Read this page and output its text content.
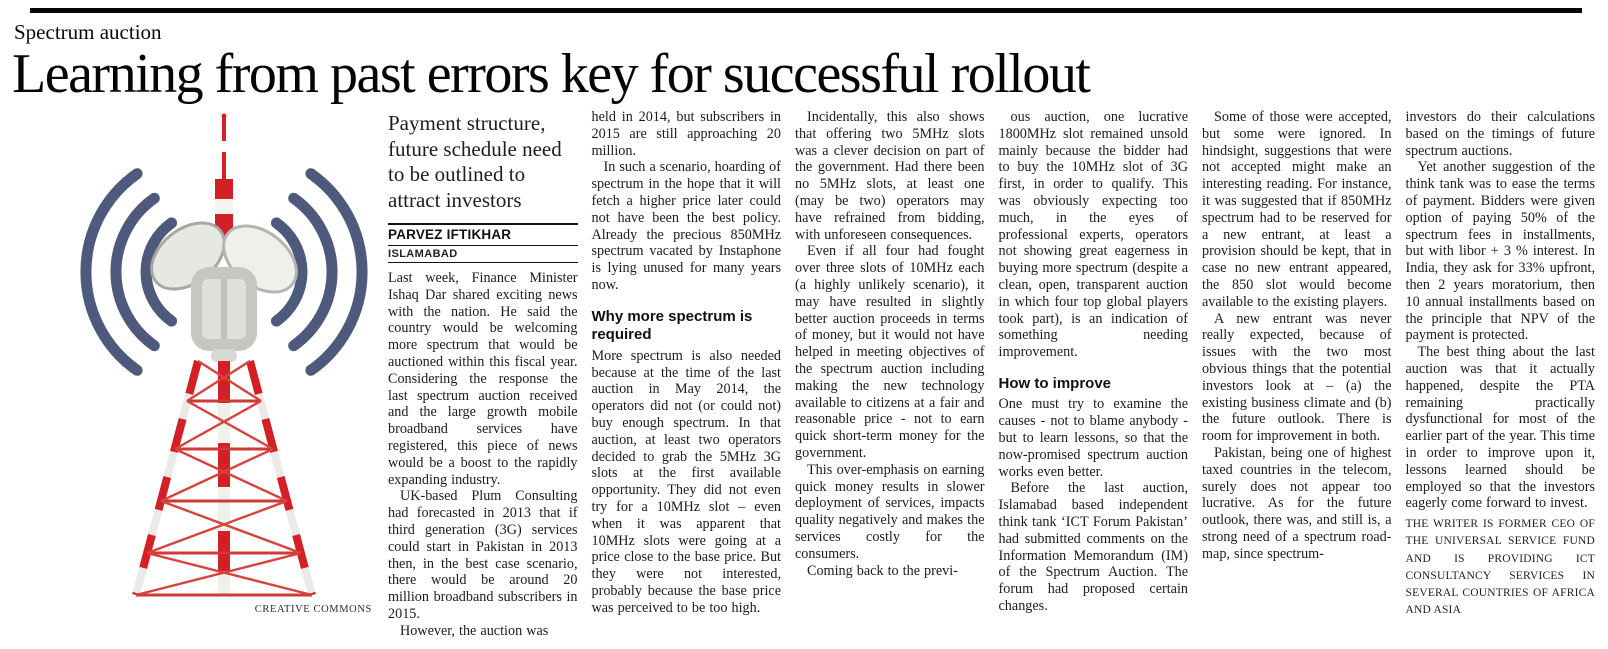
Spectrum auction
Learning from past errors key for successful rollout
CREATIVE COMMONS
Payment structure, future schedule need to be outlined to attract investors
PARVEZ IFTIKHAR
ISLAMABAD

Last week, Finance Minister Ishaq Dar shared exciting news with the nation. He said the country would be welcoming more spectrum that would be auctioned within this fiscal year. Considering the response the last spectrum auction received and the large growth mobile broadband services have registered, this piece of news would be a boost to the rapidly expanding industry.

UK-based Plum Consulting had forecasted in 2013 that if third generation (3G) services could start in Pakistan in 2013 then, in the best case scenario, there would be around 20 million broadband subscribers in 2015.

However, the auction was

held in 2014, but subscribers in 2015 are still approaching 20 million.

In such a scenario, hoarding of spectrum in the hope that it will fetch a higher price later could not have been the best policy. Already the precious 850MHz spectrum vacated by Instaphone is lying unused for many years now.

Why more spectrum is required

More spectrum is also needed because at the time of the last auction in May 2014, the operators did not (or could not) buy enough spectrum. In that auction, at least two operators decided to grab the 5MHz 3G slots at the first available opportunity. They did not even try for a 10MHz slot – even when it was apparent that 10MHz slots were going at a price close to the base price. But they were not interested, probably because the base price was perceived to be too high.

Incidentally, this also shows that offering two 5MHz slots was a clever decision on part of the government. Had there been no 5MHz slots, at least one (may be two) operators may have refrained from bidding, with unforeseen consequences.

Even if all four had fought over three slots of 10MHz each (a highly unlikely scenario), it may have resulted in slightly better auction proceeds in terms of money, but it would not have helped in meeting objectives of the spectrum auction including making the new technology available to citizens at a fair and reasonable price - not to earn quick short-term money for the government.

This over-emphasis on earning quick money results in slower deployment of services, impacts quality negatively and makes the services costly for the consumers.

Coming back to the previ-

ous auction, one lucrative 1800MHz slot remained unsold mainly because the bidder had to buy the 10MHz slot of 3G first, in order to qualify. This was obviously expecting too much, in the eyes of professional experts, operators not showing great eagerness in buying more spectrum (despite a clean, open, transparent auction in which four top global players took part), is an indication of something needing improvement.

How to improve

One must try to examine the causes - not to blame anybody - but to learn lessons, so that the now-promised spectrum auction works even better.

Before the last auction, Islamabad based independent think tank ‘ICT Forum Pakistan’ had submitted comments on the Information Memorandum (IM) of the Spectrum Auction. The forum had proposed certain changes.

Some of those were accepted, but some were ignored. In hindsight, suggestions that were not accepted might make an interesting reading. For instance, it was suggested that if 850MHz spectrum had to be reserved for a new entrant, at least a provision should be kept, that in case no new entrant appeared, the 850 slot would become available to the existing players.

A new entrant was never really expected, because of issues with the two most obvious things that the potential investors look at – (a) the existing business climate and (b) the future outlook. There is room for improvement in both.

Pakistan, being one of highest taxed countries in the telecom, surely does not appear too lucrative. As for the future outlook, there was, and still is, a strong need of a spectrum road-map, since spectrum-

investors do their calculations based on the timings of future spectrum auctions.

Yet another suggestion of the think tank was to ease the terms of payment. Bidders were given option of paying 50% of the spectrum fees in installments, but with libor + 3 % interest. In India, they ask for 33% upfront, then 2 years moratorium, then 10 annual installments based on the principle that NPV of the payment is protected.

The best thing about the last auction was that it actually happened, despite the PTA remaining practically dysfunctional for most of the earlier part of the year. This time in order to improve upon it, lessons learned should be employed so that the investors eagerly come forward to invest.

THE WRITER IS FORMER CEO OF THE UNIVERSAL SERVICE FUND AND IS PROVIDING ICT CONSULTANCY SERVICES IN SEVERAL COUNTRIES OF AFRICA AND ASIA
